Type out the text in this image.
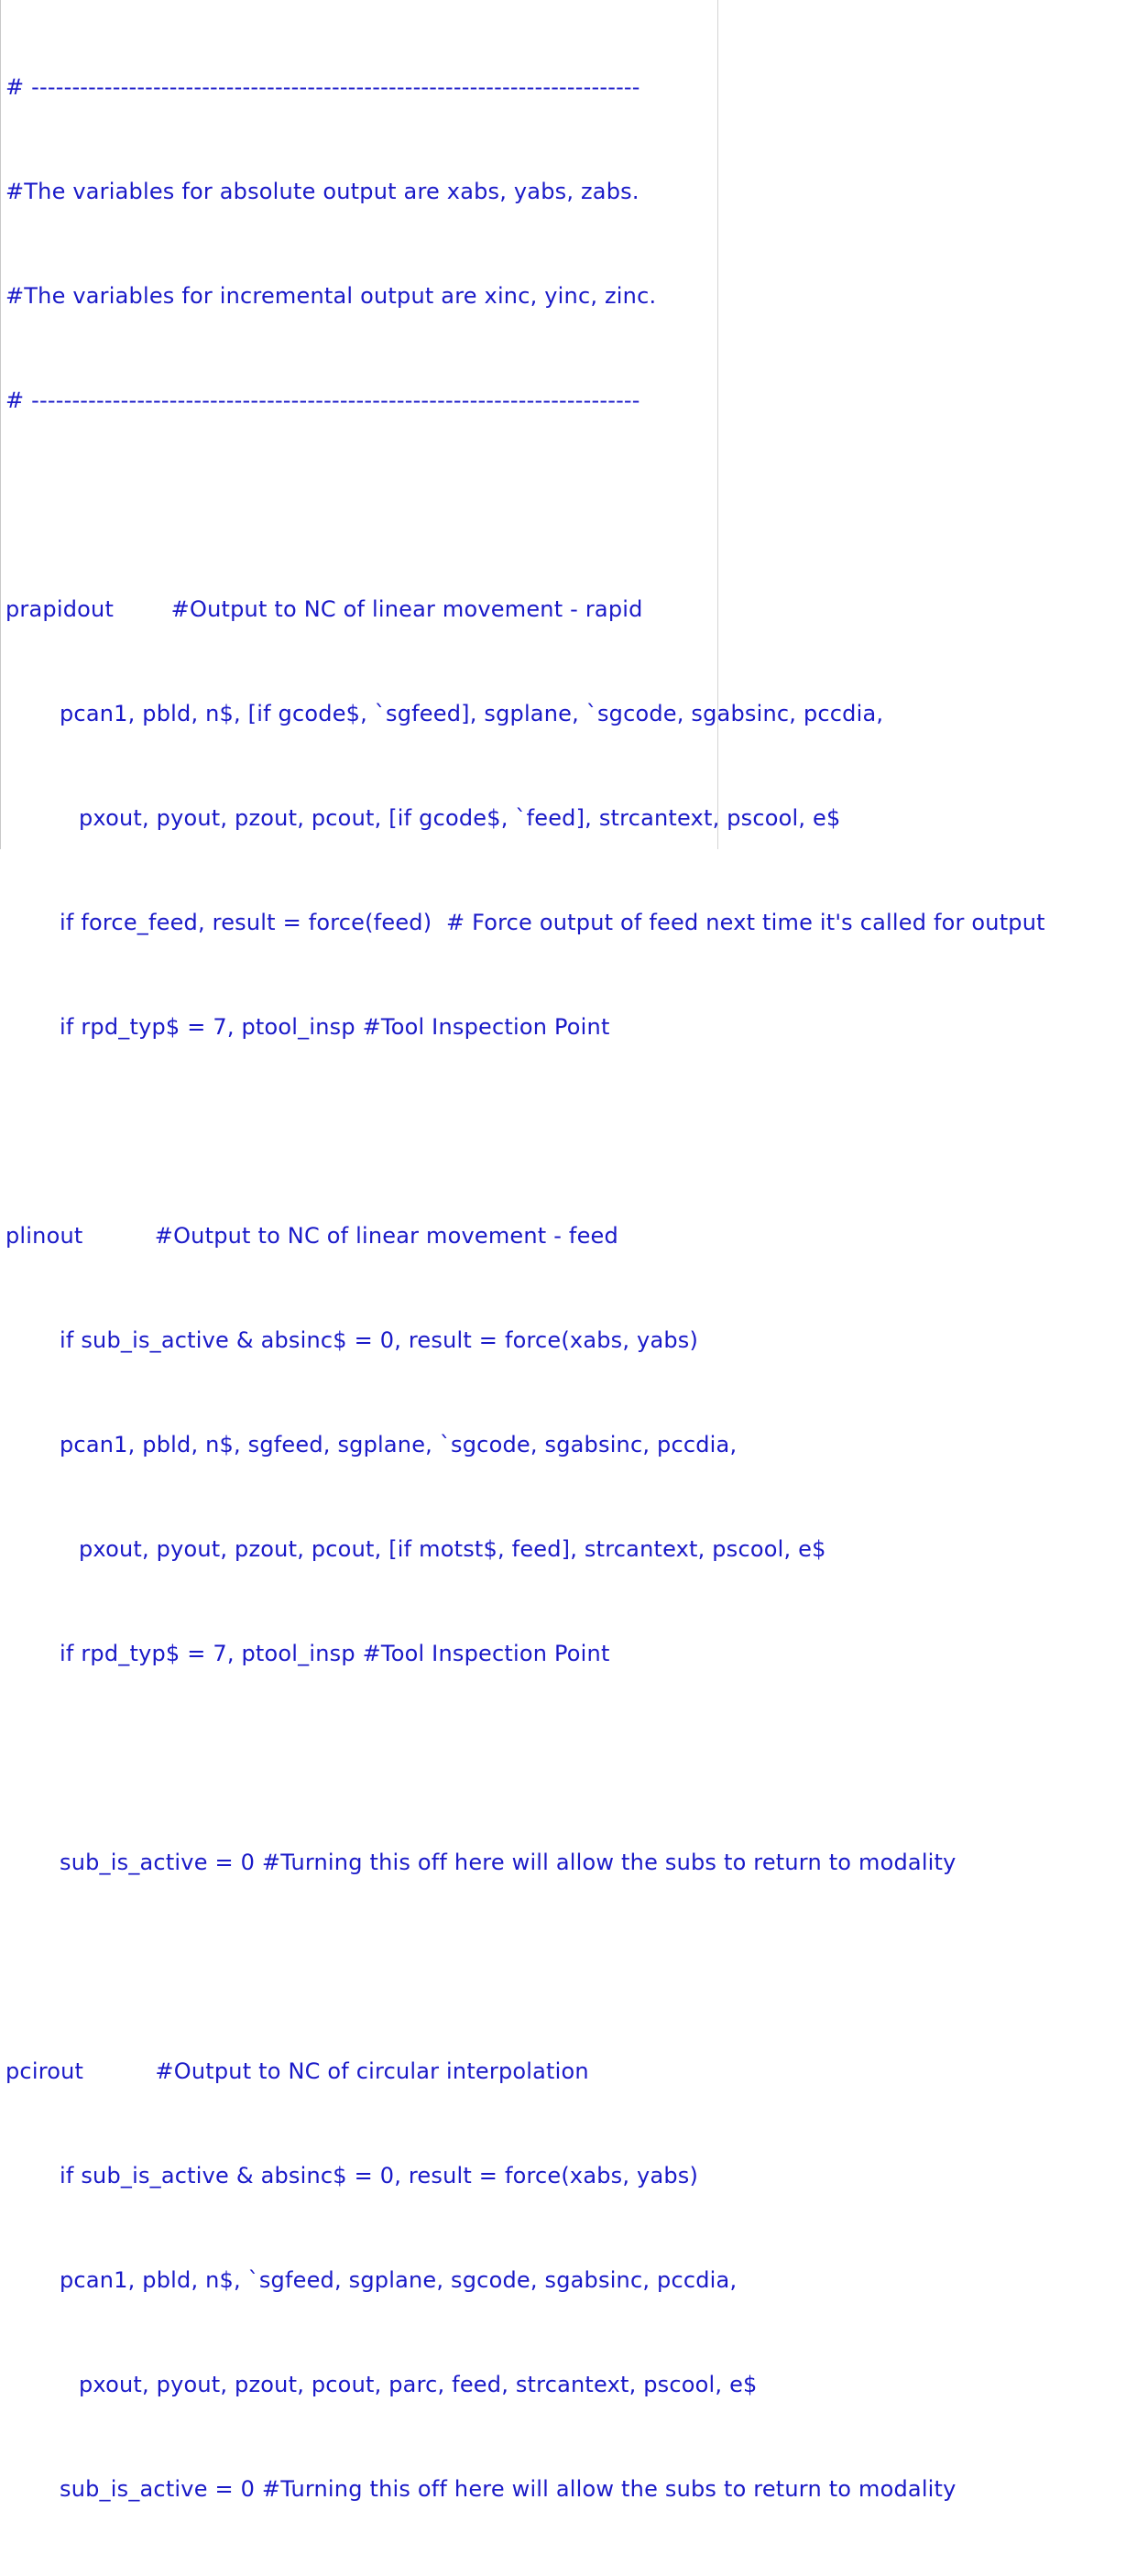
# ---------------------------------------------------------------------------

#The variables for absolute output are xabs, yabs, zabs.

#The variables for incremental output are xinc, yinc, zinc.

# ---------------------------------------------------------------------------

prapidout        #Output to NC of linear movement - rapid

pcan1, pbld, n$, [if gcode$, `sgfeed], sgplane, `sgcode, sgabsinc, pccdia,

pxout, pyout, pzout, pcout, [if gcode$, `feed], strcantext, pscool, e$

if force_feed, result = force(feed)  # Force output of feed next time it's called for output

if rpd_typ$ = 7, ptool_insp #Tool Inspection Point

plinout          #Output to NC of linear movement - feed

if sub_is_active & absinc$ = 0, result = force(xabs, yabs)

pcan1, pbld, n$, sgfeed, sgplane, `sgcode, sgabsinc, pccdia,

pxout, pyout, pzout, pcout, [if motst$, feed], strcantext, pscool, e$

if rpd_typ$ = 7, ptool_insp #Tool Inspection Point

sub_is_active = 0 #Turning this off here will allow the subs to return to modality

pcirout          #Output to NC of circular interpolation

if sub_is_active & absinc$ = 0, result = force(xabs, yabs)

pcan1, pbld, n$, `sgfeed, sgplane, sgcode, sgabsinc, pccdia,

pxout, pyout, pzout, pcout, parc, feed, strcantext, pscool, e$

sub_is_active = 0 #Turning this off here will allow the subs to return to modality
